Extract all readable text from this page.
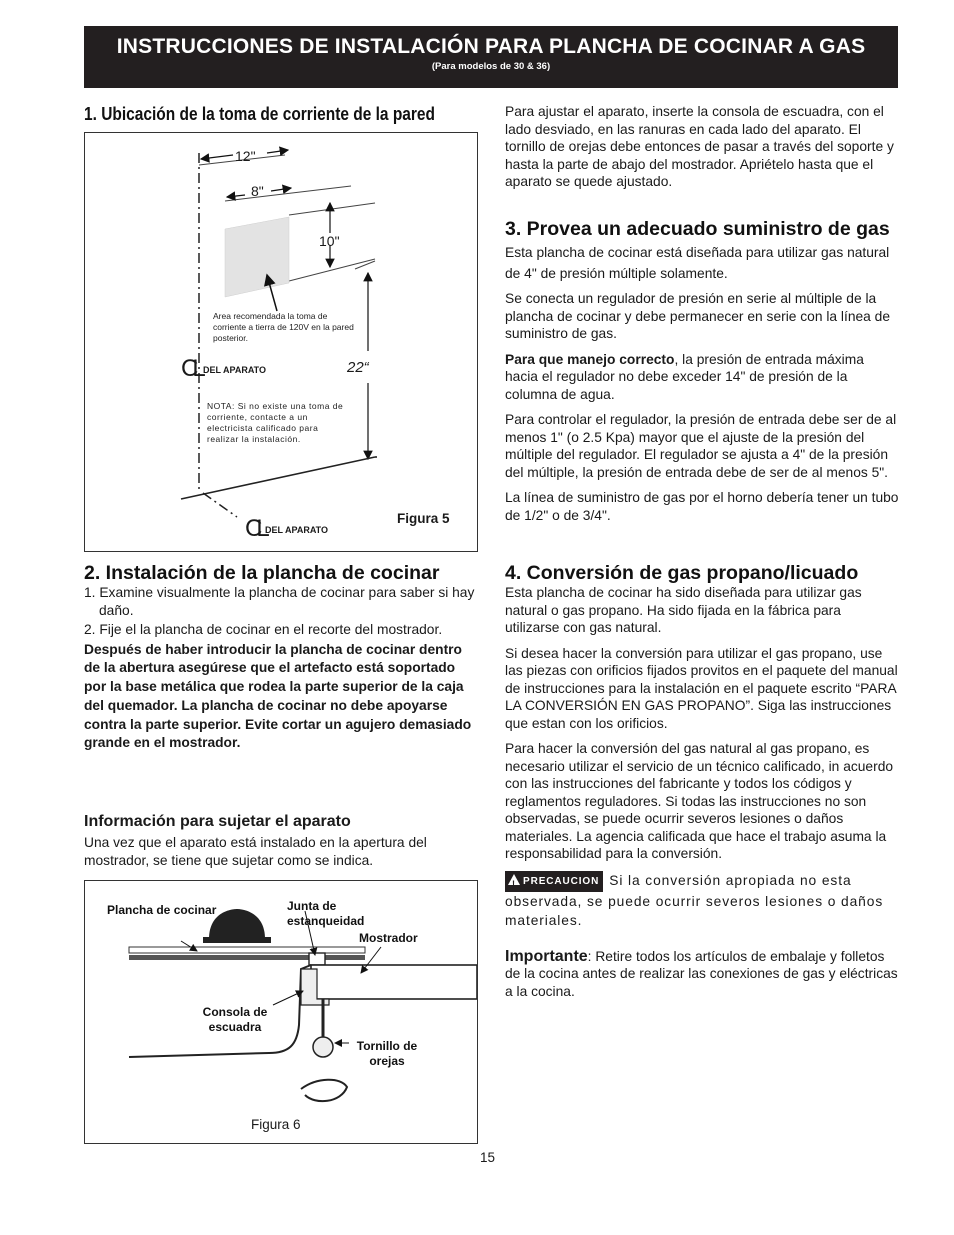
INSTRUCCIONES DE INSTALACIÓN PARA PLANCHA DE COCINAR A GAS
(Para modelos de 30 & 36)
1. Ubicación de la toma de corriente de la pared
12"
8"
10"
22“
Area recomendada la toma de corriente a tierra de 120V en la pared posterior.
CL DEL APARATO
NOTA: Si no existe una toma de corriente, contacte a un electricista calificado para realizar la instalación.
CL DEL APARATO
Figura 5
2. Instalación de la plancha de cocinar
1. Examine visualmente la plancha de cocinar para saber si hay daño.
2. Fije el la plancha de cocinar en el recorte del mostrador.

Después de haber introducir la plancha de cocinar dentro de la abertura asegúrese que el artefacto está soportado por la base metálica que rodea la parte superior de la caja del quemador. La plancha de cocinar no debe apoyarse contra la parte superior. Evite cortar un agujero demasiado grande en el mostrador.

Información para sujetar el aparato
Una vez que el aparato está instalado en la apertura del mostrador, se tiene que sujetar como se indica.
Plancha de cocinar	Junta de estanqueidad
Mostrador
Consola de escuadra
Tornillo de orejas
Figura 6
15
Para ajustar el aparato, inserte la consola de escuadra, con el lado desviado, en las ranuras en cada lado del aparato. El tornillo de orejas debe entonces de pasar a través del soporte y hasta la parte de abajo del mostrador. Apriételo hasta que el aparato se quede ajustado.
3. Provea un adecuado suministro de gas

Esta plancha de cocinar está diseñada para utilizar gas natural de 4" de presión múltiple solamente.

Se conecta un regulador de presión en serie al múltiple de la plancha de cocinar y debe permanecer en serie con la línea de suministro de gas.

Para que manejo correcto, la presión de entrada máxima hacia el regulador no debe exceder 14" de presión de la columna de agua.

Para controlar el regulador, la presión de entrada debe ser de al menos 1" (o 2.5 Kpa) mayor que el ajuste de la presión del múltiple del regulador. El regulador se ajusta a 4" de la presión del múltiple, la presión de entrada debe de ser de al menos 5".

La línea de suministro de gas por el horno debería tener un tubo de 1/2" o de 3/4".

4. Conversión de gas propano/licuado

Esta plancha de cocinar ha sido diseñada para utilizar gas natural o gas propano. Ha sido fijada en la fábrica para utilizarse con gas natural.

Si desea hacer la conversión para utilizar el gas propano, use las piezas con orificios fijados provitos en el paquete del manual de instrucciones para la instalación en el paquete escrito “PARA LA CONVERSIÓN EN GAS PROPANO”. Siga las instrucciones que estan con los orificios.

Para hacer la conversión del gas natural al gas propano, es necesario utilizar el servicio de un técnico calificado, in acuerdo con las instrucciones del fabricante y todos los códigos y reglamentos reguladores. Si todas las instrucciones no son observadas, se puede ocurrir severos lesiones o daños materiales. La agencia calificada que hace el trabajo asuma la responsabilidad para la conversión.

! PRECAUCION Si la conversión apropiada no esta observada, se puede ocurrir severos lesiones o daños materiales.

Importante: Retire todos los artículos de embalaje y folletos de la cocina antes de realizar las conexiones de gas y eléctricas a la cocina.
